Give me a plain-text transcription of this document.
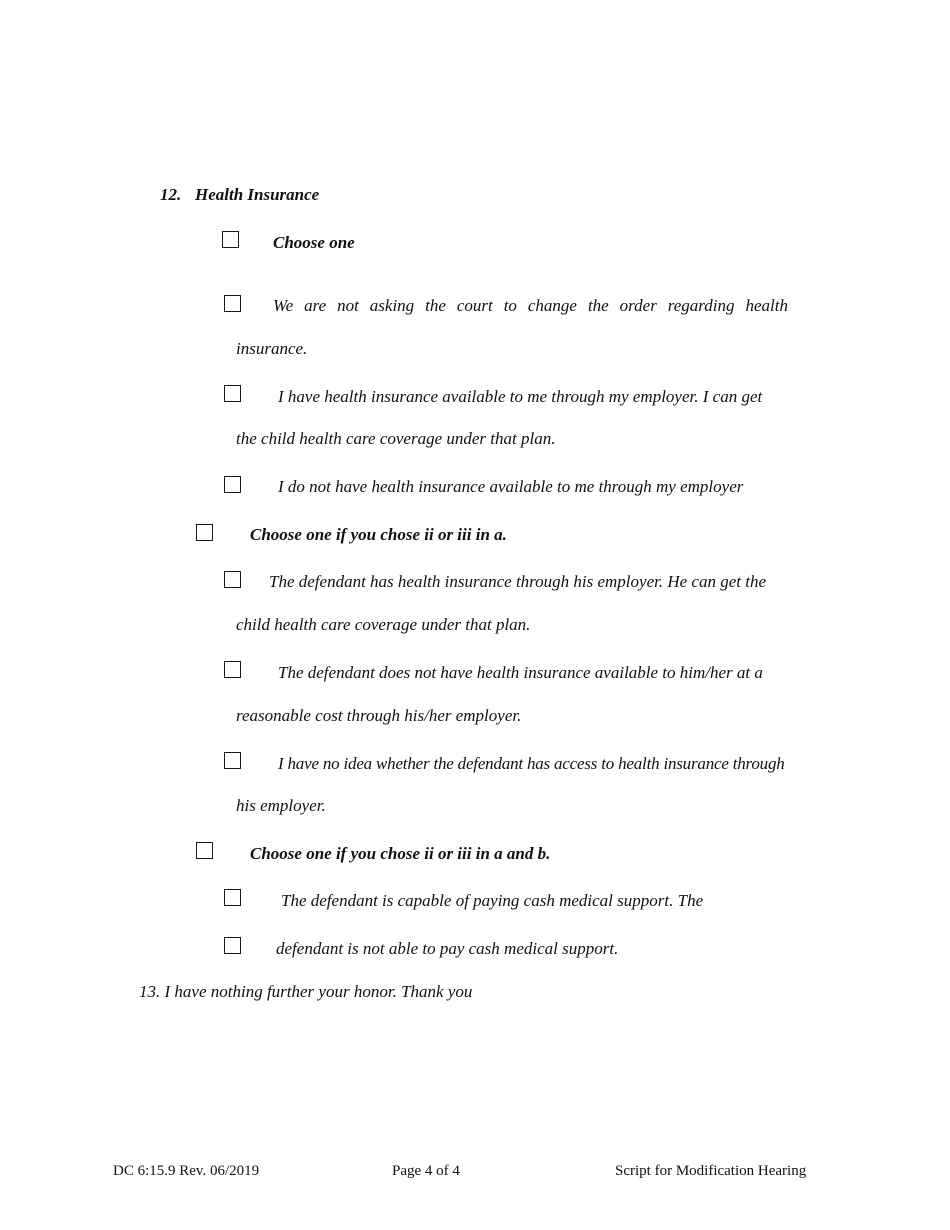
12. Health Insurance
Choose one
We are not asking the court to change the order regarding health
insurance.
I have health insurance available to me through my employer. I can get
the child health care coverage under that plan.
I do not have health insurance available to me through my employer
Choose one if you chose ii or iii in a.
The defendant has health insurance through his employer. He can get the
child health care coverage under that plan.
The defendant does not have health insurance available to him/her at a
reasonable cost through his/her employer.
I have no idea whether the defendant has access to health insurance through
his employer.
Choose one if you chose ii or iii in a and b.
The defendant is capable of paying cash medical support. The
defendant is not able to pay cash medical support.
13. I have nothing further your honor. Thank you
DC 6:15.9 Rev. 06/2019	Page 4 of 4	Script for Modification Hearing
